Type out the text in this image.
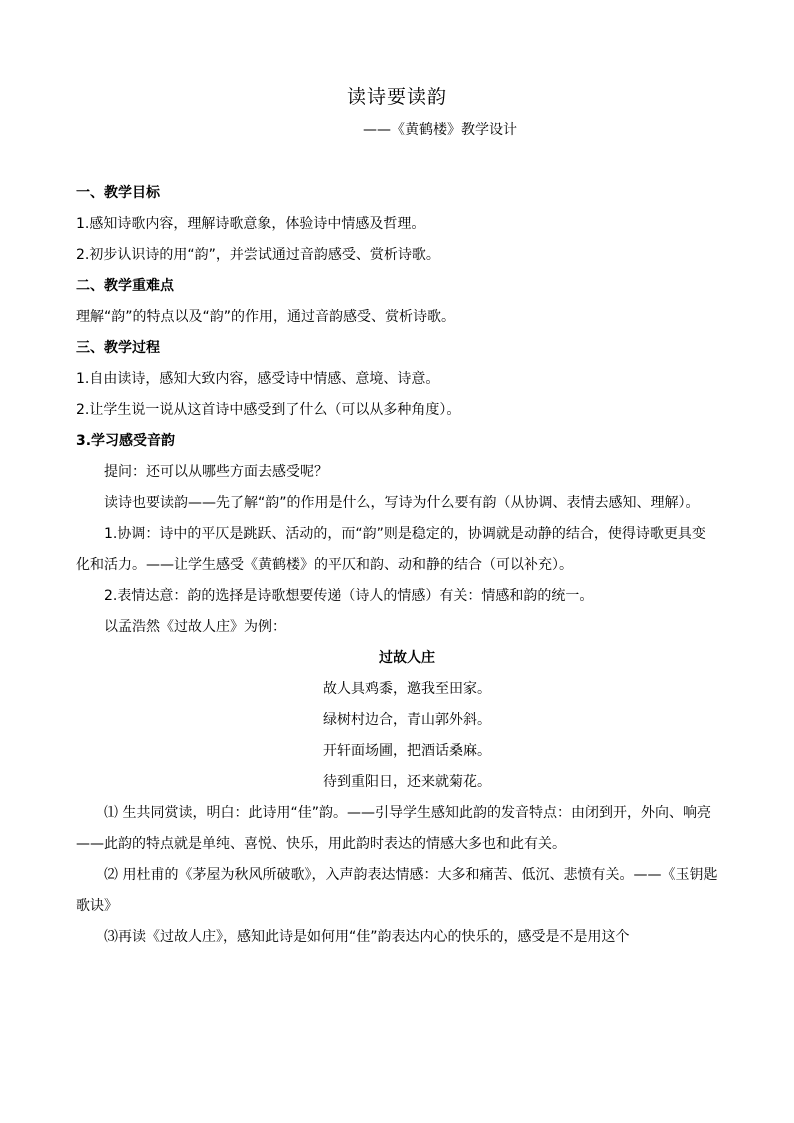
读诗要读韵

——《黄鹤楼》教学设计

一、教学目标

1.感知诗歌内容，理解诗歌意象，体验诗中情感及哲理。

2.初步认识诗的用“韵”，并尝试通过音韵感受、赏析诗歌。

二、教学重难点

理解“韵”的特点以及“韵”的作用，通过音韵感受、赏析诗歌。

三、教学过程

1.自由读诗，感知大致内容，感受诗中情感、意境、诗意。

2.让学生说一说从这首诗中感受到了什么（可以从多种角度）。

3.学习感受音韵

提问：还可以从哪些方面去感受呢？

读诗也要读韵——先了解“韵”的作用是什么，写诗为什么要有韵（从协调、表情去感知、理解）。

1.协调：诗中的平仄是跳跃、活动的，而“韵”则是稳定的，协调就是动静的结合，使得诗歌更具变化和活力。——让学生感受《黄鹤楼》的平仄和韵、动和静的结合（可以补充）。

2.表情达意：韵的选择是诗歌想要传递（诗人的情感）有关：情感和韵的统一。

以孟浩然《过故人庄》为例：

过故人庄

故人具鸡黍，邀我至田家。

绿树村边合，青山郭外斜。

开轩面场圃，把酒话桑麻。

待到重阳日，还来就菊花。

⑴ 生共同赏读，明白：此诗用“佳”韵。——引导学生感知此韵的发音特点：由闭到开，外向、响亮——此韵的特点就是单纯、喜悦、快乐，用此韵时表达的情感大多也和此有关。

⑵ 用杜甫的《茅屋为秋风所破歌》，入声韵表达情感：大多和痛苦、低沉、悲愤有关。——《玉钥匙歌诀》

⑶再读《过故人庄》，感知此诗是如何用“佳”韵表达内心的快乐的，感受是不是用这个
